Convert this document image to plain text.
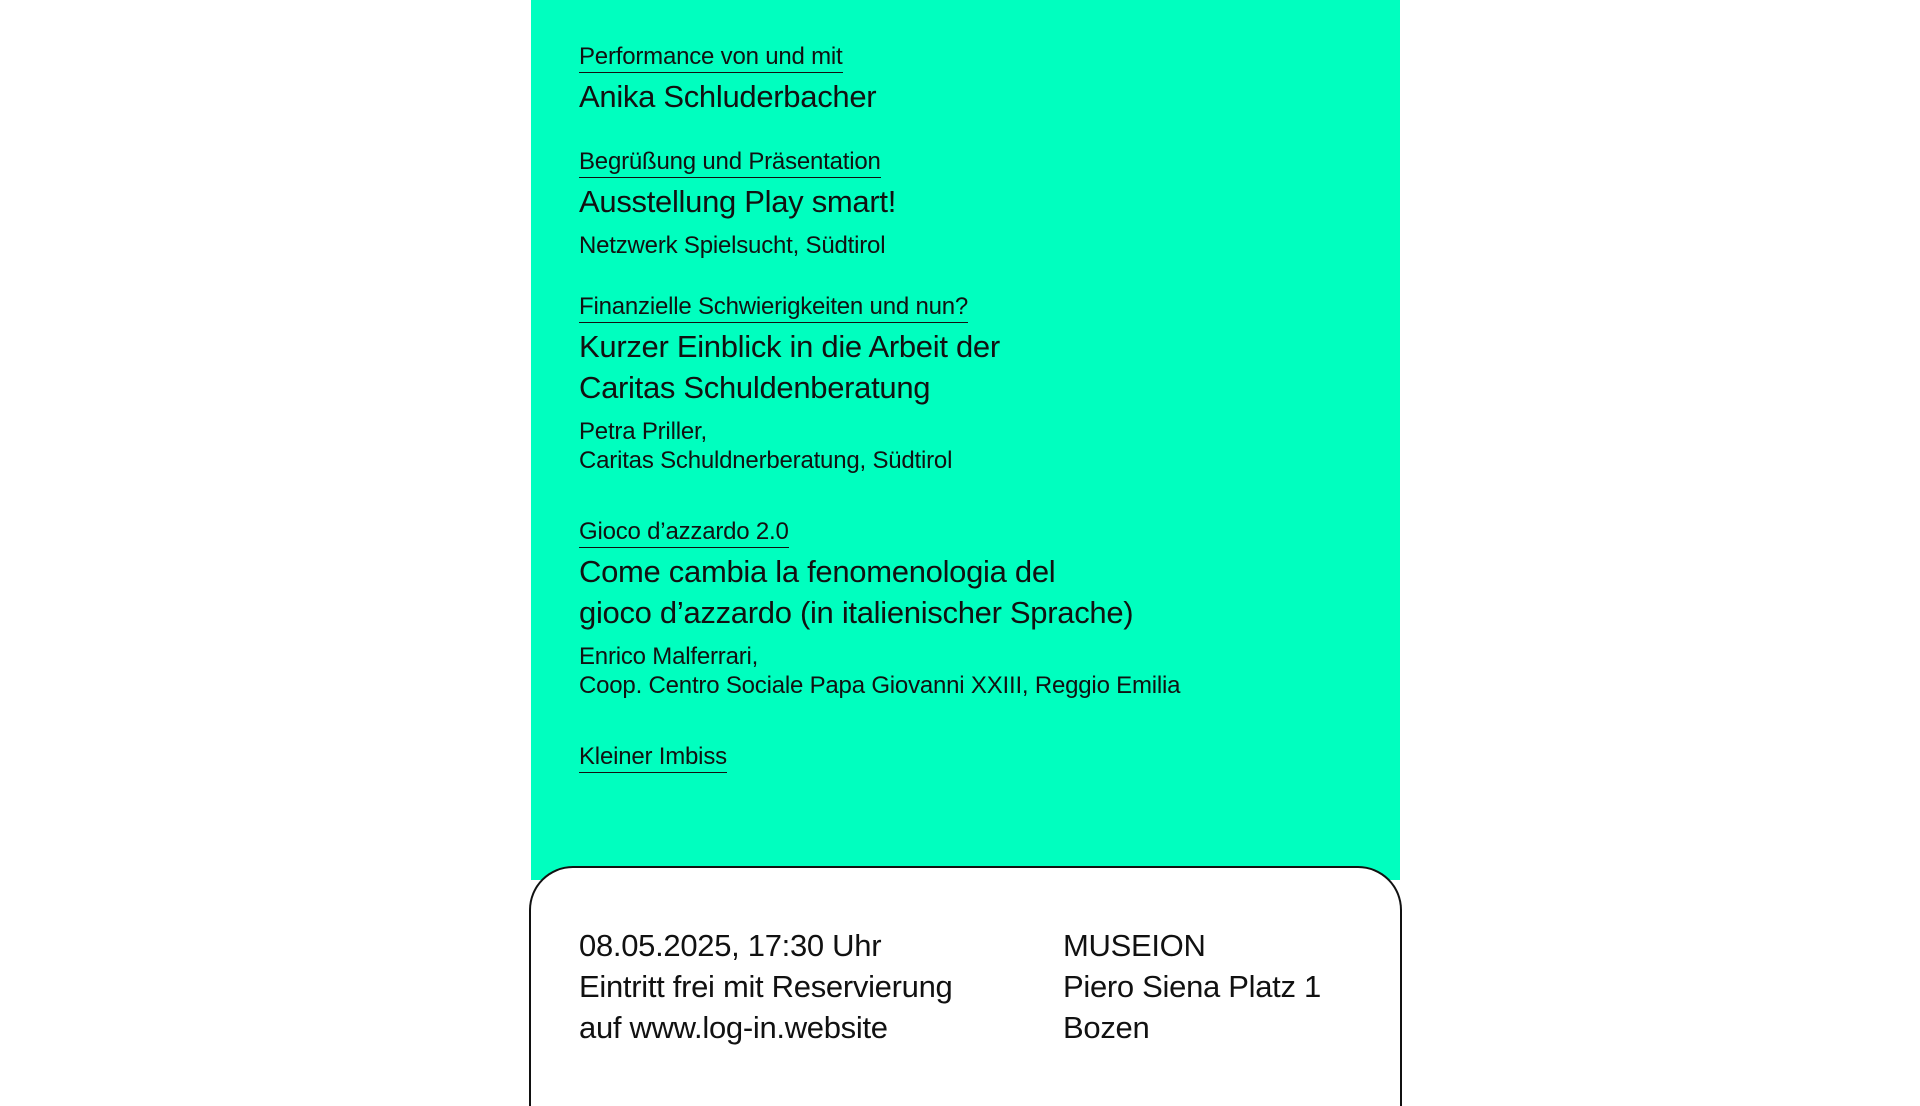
Performance von und mit
Anika Schluderbacher
Begrüßung und Präsentation
Ausstellung Play smart!
Netzwerk Spielsucht, Südtirol
Finanzielle Schwierigkeiten und nun?
Kurzer Einblick in die Arbeit der
Caritas Schuldenberatung
Petra Priller,
Caritas Schuldnerberatung, Südtirol
Gioco d’azzardo 2.0
Come cambia la fenomenologia del
gioco d’azzardo (in italienischer Sprache)
Enrico Malferrari,
Coop. Centro Sociale Papa Giovanni XXIII, Reggio Emilia
Kleiner Imbiss
08.05.2025, 17:30 Uhr
Eintritt frei mit Reservierung
auf www.log-in.website
MUSEION
Piero Siena Platz 1
Bozen
